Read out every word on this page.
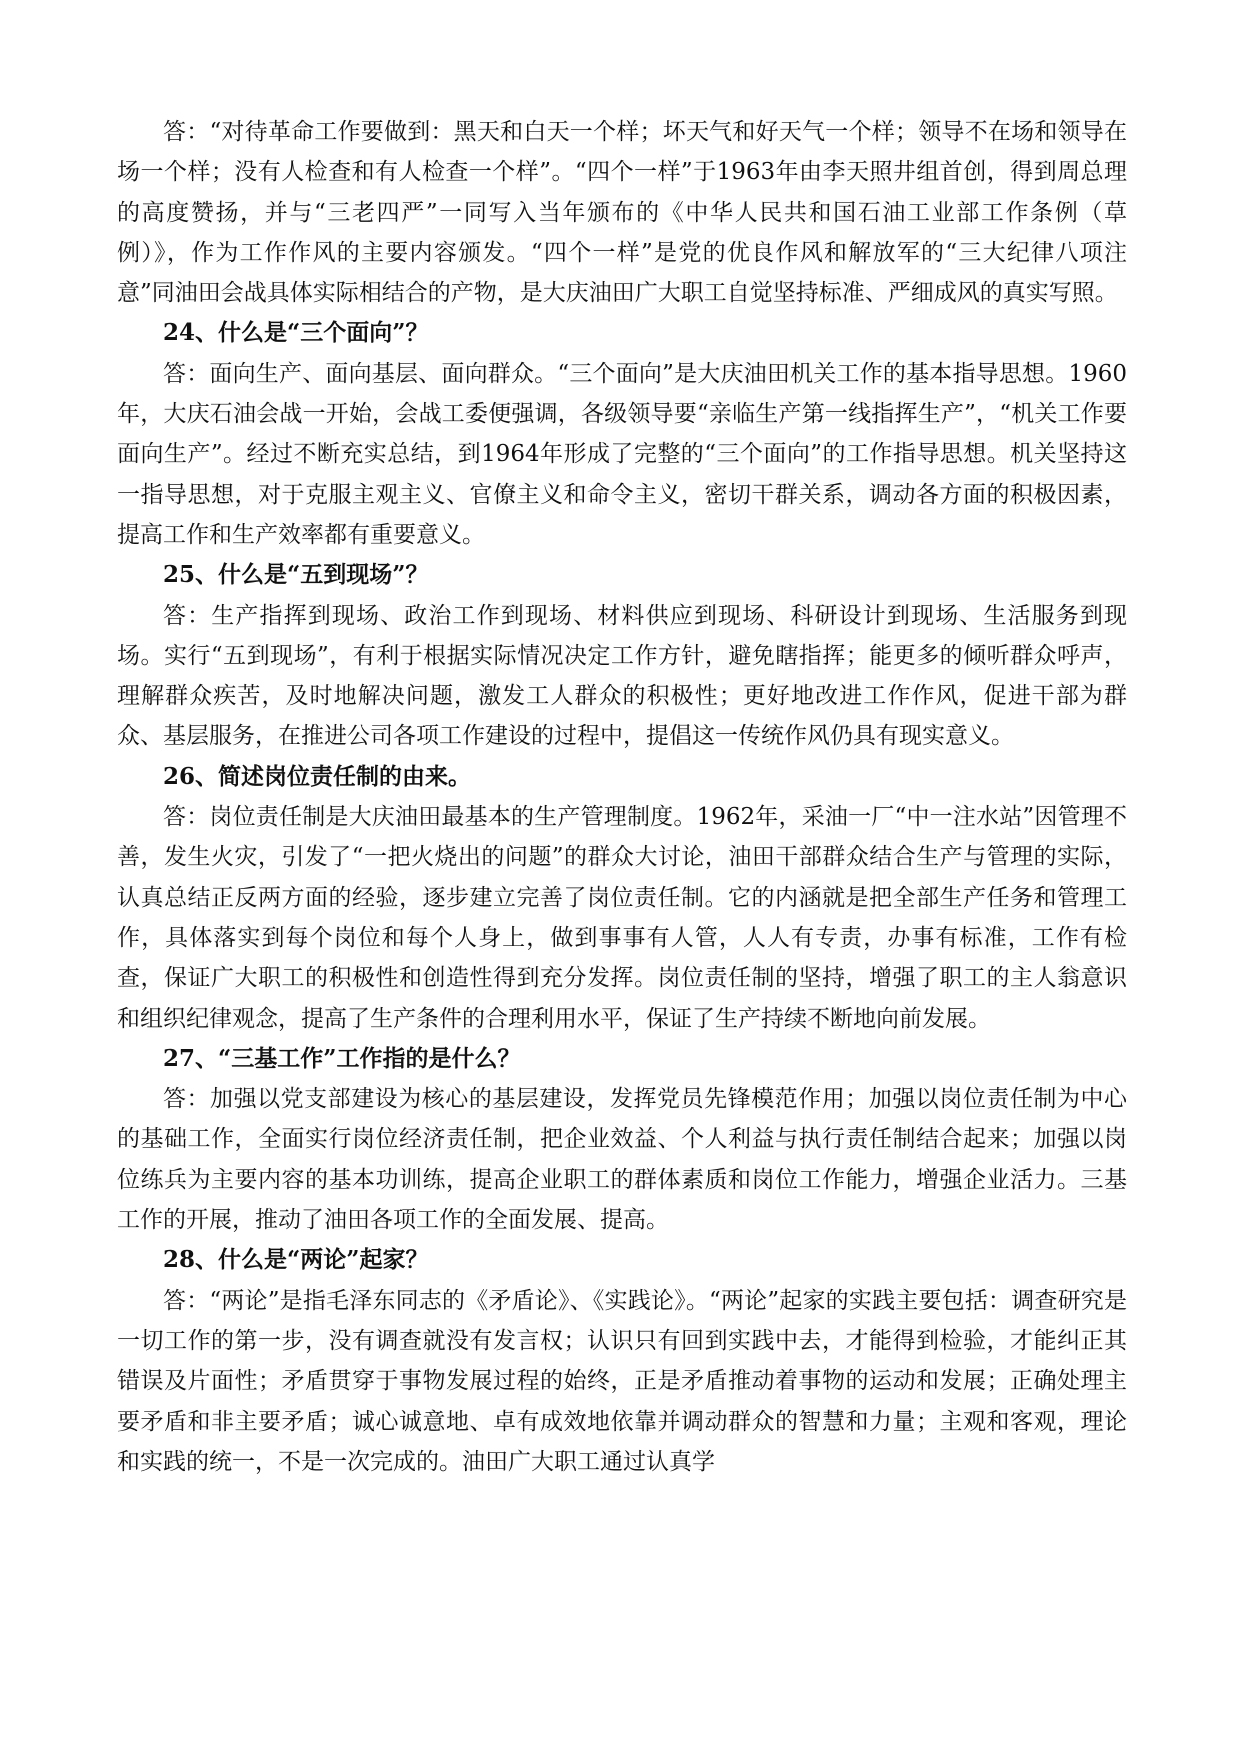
答：“对待革命工作要做到：黑天和白天一个样；坏天气和好天气一个样；领导不在场和领导在场一个样；没有人检查和有人检查一个样”。“四个一样”于1963年由李天照井组首创，得到周总理的高度赞扬，并与“三老四严”一同写入当年颁布的《中华人民共和国石油工业部工作条例（草例）》，作为工作作风的主要内容颁发。“四个一样”是党的优良作风和解放军的“三大纪律八项注意”同油田会战具体实际相结合的产物，是大庆油田广大职工自觉坚持标准、严细成风的真实写照。

24、什么是“三个面向”？

答：面向生产、面向基层、面向群众。“三个面向”是大庆油田机关工作的基本指导思想。1960年，大庆石油会战一开始，会战工委便强调，各级领导要“亲临生产第一线指挥生产”，“机关工作要面向生产”。经过不断充实总结，到1964年形成了完整的“三个面向”的工作指导思想。机关坚持这一指导思想，对于克服主观主义、官僚主义和命令主义，密切干群关系，调动各方面的积极因素，提高工作和生产效率都有重要意义。

25、什么是“五到现场”？

答：生产指挥到现场、政治工作到现场、材料供应到现场、科研设计到现场、生活服务到现场。实行“五到现场”，有利于根据实际情况决定工作方针，避免瞎指挥；能更多的倾听群众呼声，理解群众疾苦，及时地解决问题，激发工人群众的积极性；更好地改进工作作风，促进干部为群众、基层服务，在推进公司各项工作建设的过程中，提倡这一传统作风仍具有现实意义。

26、简述岗位责任制的由来。

答：岗位责任制是大庆油田最基本的生产管理制度。1962年，采油一厂“中一注水站”因管理不善，发生火灾，引发了“一把火烧出的问题”的群众大讨论，油田干部群众结合生产与管理的实际，认真总结正反两方面的经验，逐步建立完善了岗位责任制。它的内涵就是把全部生产任务和管理工作，具体落实到每个岗位和每个人身上，做到事事有人管，人人有专责，办事有标准，工作有检查，保证广大职工的积极性和创造性得到充分发挥。岗位责任制的坚持，增强了职工的主人翁意识和组织纪律观念，提高了生产条件的合理利用水平，保证了生产持续不断地向前发展。

27、“三基工作”工作指的是什么？

答：加强以党支部建设为核心的基层建设，发挥党员先锋模范作用；加强以岗位责任制为中心的基础工作，全面实行岗位经济责任制，把企业效益、个人利益与执行责任制结合起来；加强以岗位练兵为主要内容的基本功训练，提高企业职工的群体素质和岗位工作能力，增强企业活力。三基工作的开展，推动了油田各项工作的全面发展、提高。

28、什么是“两论”起家？

答：“两论”是指毛泽东同志的《矛盾论》、《实践论》。“两论”起家的实践主要包括：调查研究是一切工作的第一步，没有调查就没有发言权；认识只有回到实践中去，才能得到检验，才能纠正其错误及片面性；矛盾贯穿于事物发展过程的始终，正是矛盾推动着事物的运动和发展；正确处理主要矛盾和非主要矛盾；诚心诚意地、卓有成效地依靠并调动群众的智慧和力量；主观和客观，理论和实践的统一，不是一次完成的。油田广大职工通过认真学
